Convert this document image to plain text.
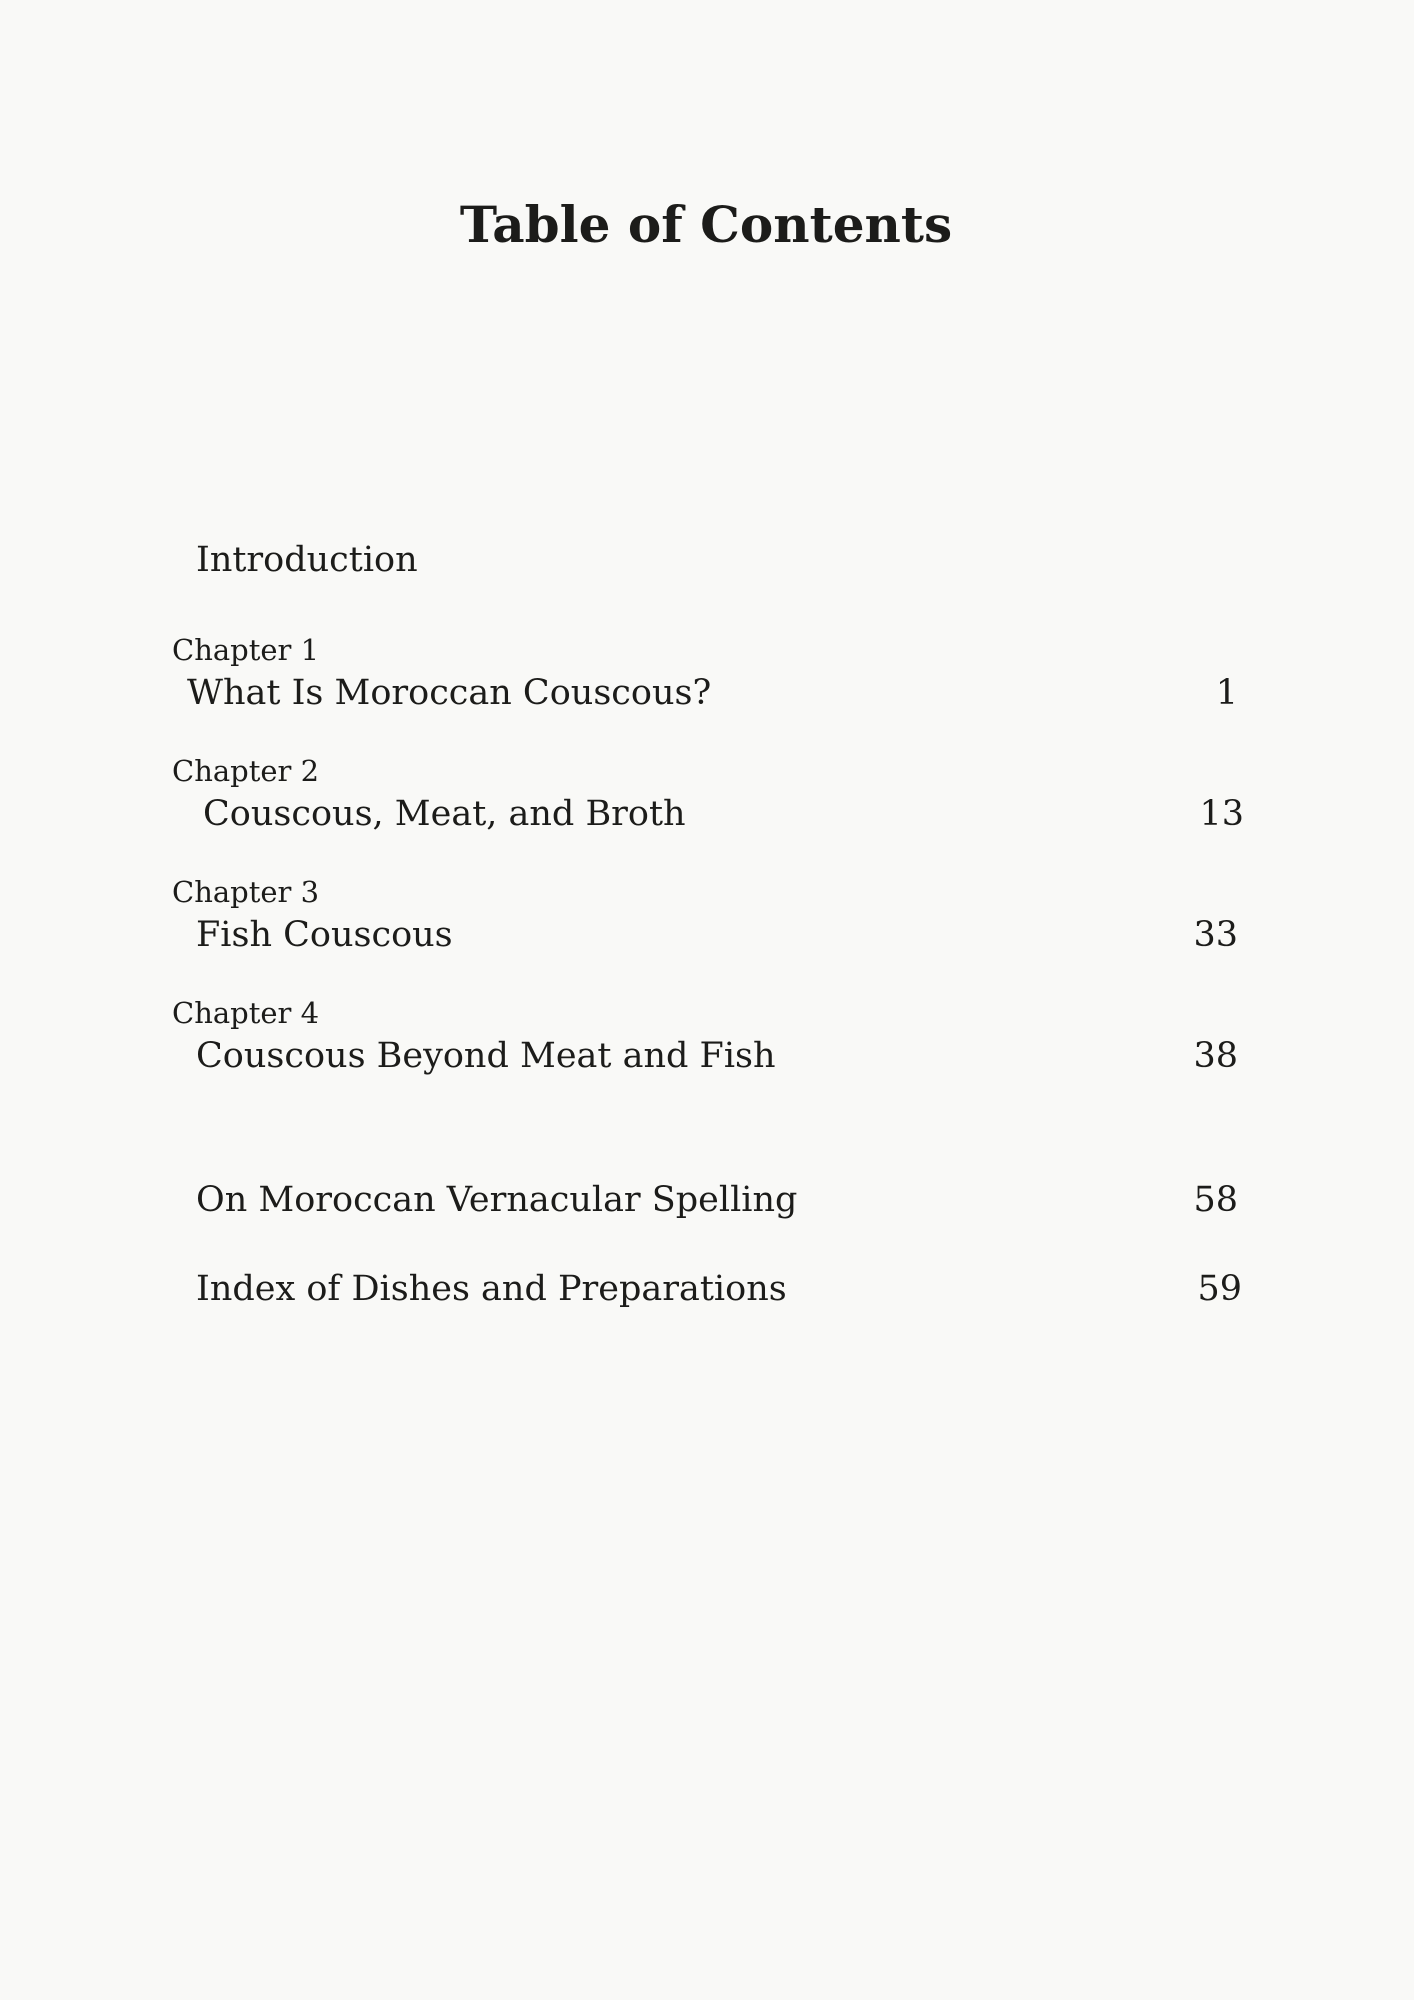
Table of Contents
Introduction
Chapter 1
What Is Moroccan Couscous?	1
Chapter 2
Couscous, Meat, and Broth	13
Chapter 3
Fish Couscous	33
Chapter 4
Couscous Beyond Meat and Fish	38
On Moroccan Vernacular Spelling	58
Index of Dishes and Preparations	59
